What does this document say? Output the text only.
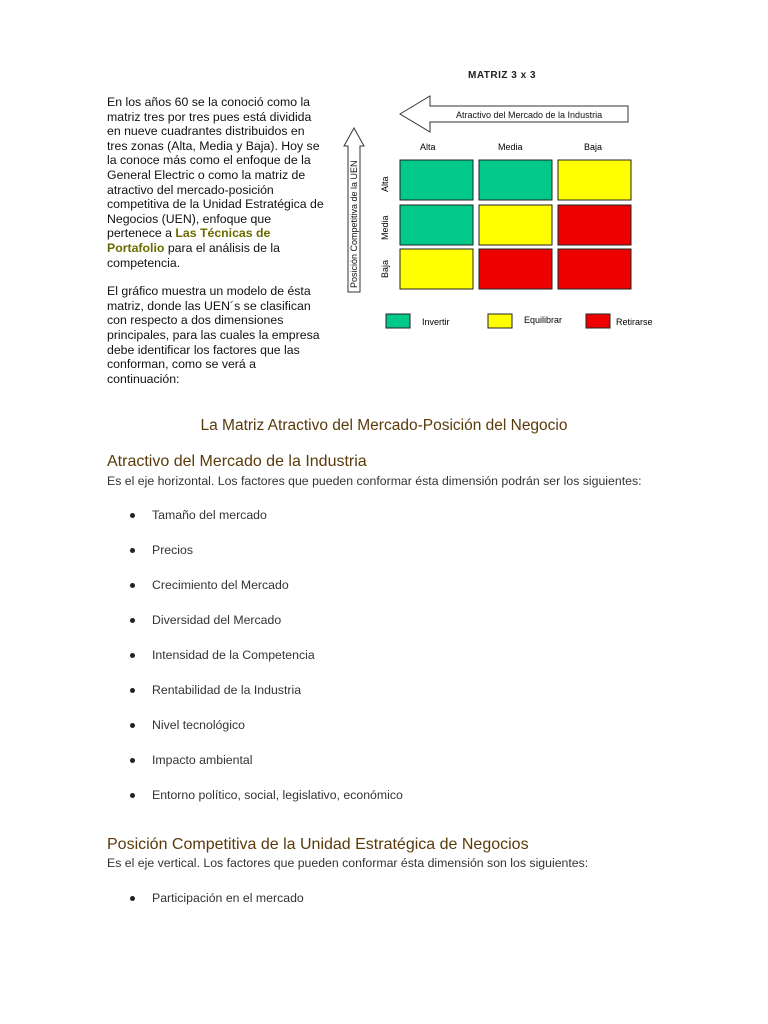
En los años 60 se la conoció como la matriz tres por tres pues está dividida en nueve cuadrantes distribuidos en tres zonas (Alta, Media y Baja). Hoy se la conoce más como el enfoque de la General Electric o como la matriz de atractivo del mercado-posición competitiva de la Unidad Estratégica de Negocios (UEN), enfoque que pertenece a Las Técnicas de Portafolio para el análisis de la competencia.

El gráfico muestra un modelo de ésta matriz, donde las UEN´s se clasifican con respecto a dos dimensiones principales, para las cuales la empresa debe identificar los factores que las conforman, como se verá a continuación:

MATRIZ 3 x 3
Atractivo del Mercado de la Industria
Posición Competitiva de la UEN
Alta	Media	Baja
Alta
Media
Baja
Invertir	Equilibrar	Retirarse
La Matriz Atractivo del Mercado-Posición del Negocio
Atractivo del Mercado de la Industria
Es el eje horizontal. Los factores que pueden conformar ésta dimensión podrán ser los siguientes:
Tamaño del mercado
Precios
Crecimiento del Mercado
Diversidad del Mercado
Intensidad de la Competencia
Rentabilidad de la Industria
Nivel tecnológico
Impacto ambiental
Entorno político, social, legislativo, económico
Posición Competitiva de la Unidad Estratégica de Negocios
Es el eje vertical. Los factores que pueden conformar ésta dimensión son los siguientes:
Participación en el mercado
